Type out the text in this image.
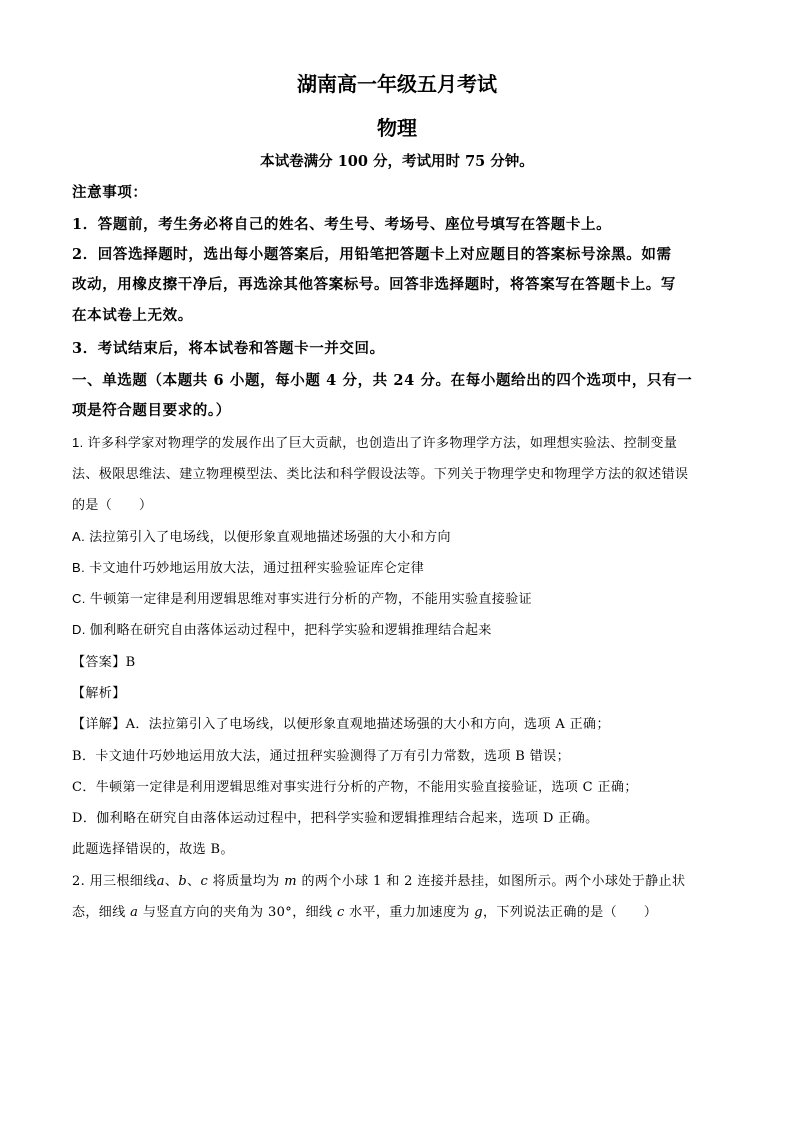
湖南高一年级五月考试
物理
本试卷满分 100 分，考试用时 75 分钟。
注意事项：
1．答题前，考生务必将自己的姓名、考生号、考场号、座位号填写在答题卡上。
2．回答选择题时，选出每小题答案后，用铅笔把答题卡上对应题目的答案标号涂黑。如需
改动，用橡皮擦干净后，再选涂其他答案标号。回答非选择题时，将答案写在答题卡上。写
在本试卷上无效。
3．考试结束后，将本试卷和答题卡一并交回。
一、单选题（本题共 6 小题，每小题 4 分，共 24 分。在每小题给出的四个选项中，只有一
项是符合题目要求的。）
1. 许多科学家对物理学的发展作出了巨大贡献，也创造出了许多物理学方法，如理想实验法、控制变量
法、极限思维法、建立物理模型法、类比法和科学假设法等。下列关于物理学史和物理学方法的叙述错误
的是（　　）
A. 法拉第引入了电场线，以便形象直观地描述场强的大小和方向
B. 卡文迪什巧妙地运用放大法，通过扭秤实验验证库仑定律
C. 牛顿第一定律是利用逻辑思维对事实进行分析的产物，不能用实验直接验证
D. 伽利略在研究自由落体运动过程中，把科学实验和逻辑推理结合起来
【答案】B
【解析】
【详解】A．法拉第引入了电场线，以便形象直观地描述场强的大小和方向，选项 A 正确；
B．卡文迪什巧妙地运用放大法，通过扭秤实验测得了万有引力常数，选项 B 错误；
C．牛顿第一定律是利用逻辑思维对事实进行分析的产物，不能用实验直接验证，选项 C 正确；
D．伽利略在研究自由落体运动过程中，把科学实验和逻辑推理结合起来，选项 D 正确。
此题选择错误的，故选 B。
2. 用三根细线a、b、c 将质量均为 m 的两个小球 1 和 2 连接并悬挂，如图所示。两个小球处于静止状
态，细线 a 与竖直方向的夹角为 30°，细线 c 水平，重力加速度为 g，下列说法正确的是（　　）
